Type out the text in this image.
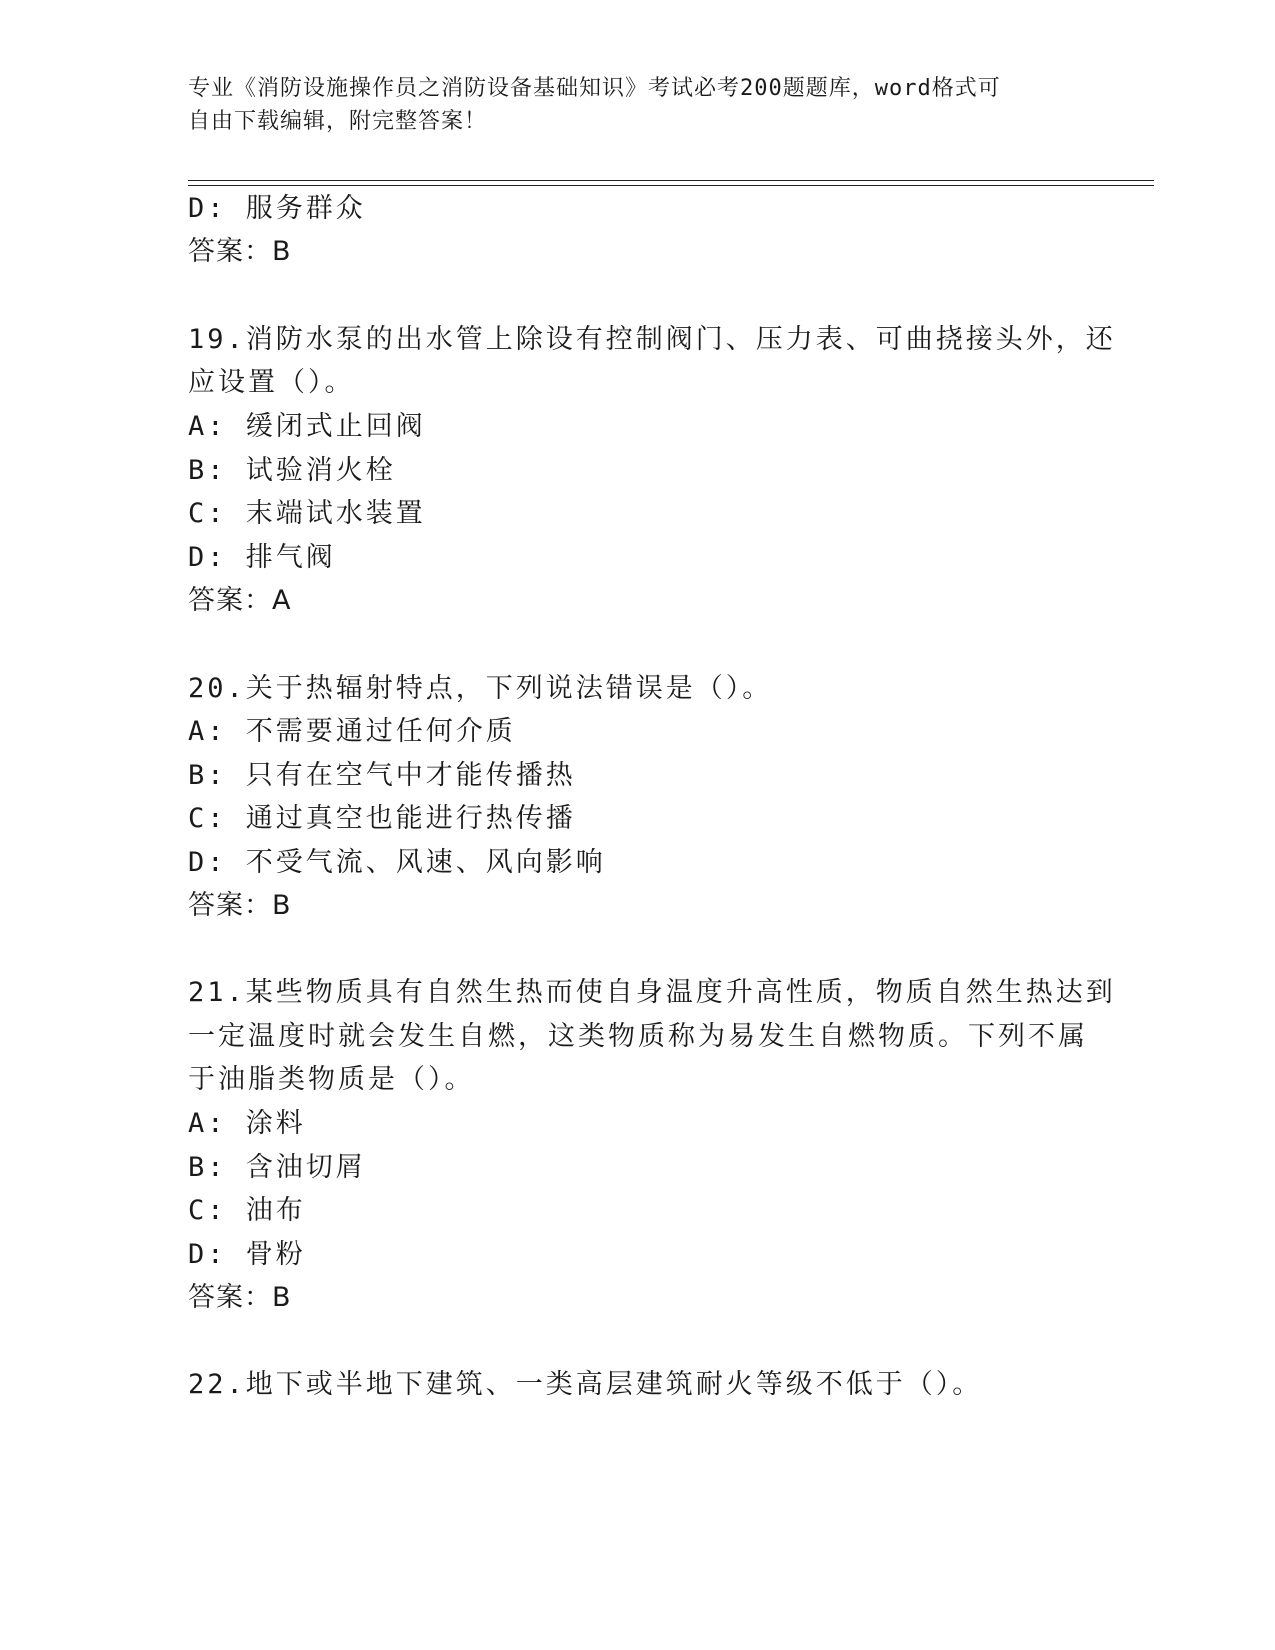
专业《消防设施操作员之消防设备基础知识》考试必考200题题库，word格式可
自由下载编辑，附完整答案！
D: 服务群众
答案：B
19.消防水泵的出水管上除设有控制阀门、压力表、可曲挠接头外，还
应设置（）。
A: 缓闭式止回阀
B: 试验消火栓
C: 末端试水装置
D: 排气阀
答案：A
20.关于热辐射特点，下列说法错误是（）。
A: 不需要通过任何介质
B: 只有在空气中才能传播热
C: 通过真空也能进行热传播
D: 不受气流、风速、风向影响
答案：B
21.某些物质具有自然生热而使自身温度升高性质，物质自然生热达到
一定温度时就会发生自燃，这类物质称为易发生自燃物质。下列不属
于油脂类物质是（）。
A: 涂料
B: 含油切屑
C: 油布
D: 骨粉
答案：B
22.地下或半地下建筑、一类高层建筑耐火等级不低于（）。
